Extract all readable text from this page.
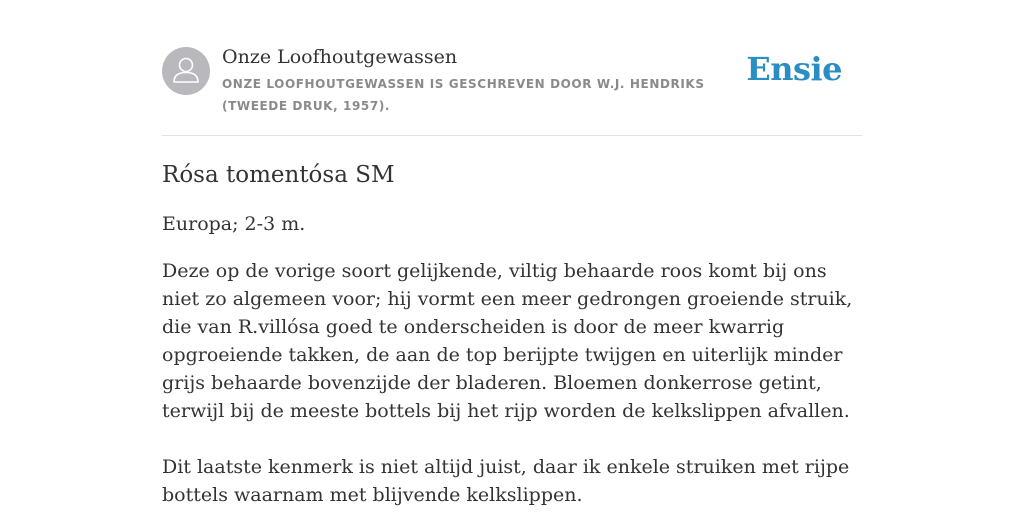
Onze Loofhoutgewassen
ONZE LOOFHOUTGEWASSEN IS GESCHREVEN DOOR W.J. HENDRIKS (TWEEDE DRUK, 1957).
Ensie
Rósa tomentósa SM

Europa; 2-3 m.

Deze op de vorige soort gelijkende, viltig behaarde roos komt bij ons niet zo algemeen voor; hij vormt een meer gedrongen groeiende struik, die van R.villósa goed te onderscheiden is door de meer kwarrig opgroeiende takken, de aan de top berijpte twijgen en uiterlijk minder grijs behaarde bovenzijde der bladeren. Bloemen donkerrose getint, terwijl bij de meeste bottels bij het rijp worden de kelkslippen afvallen.

Dit laatste kenmerk is niet altijd juist, daar ik enkele struiken met rijpe bottels waarnam met blijvende kelkslippen.
